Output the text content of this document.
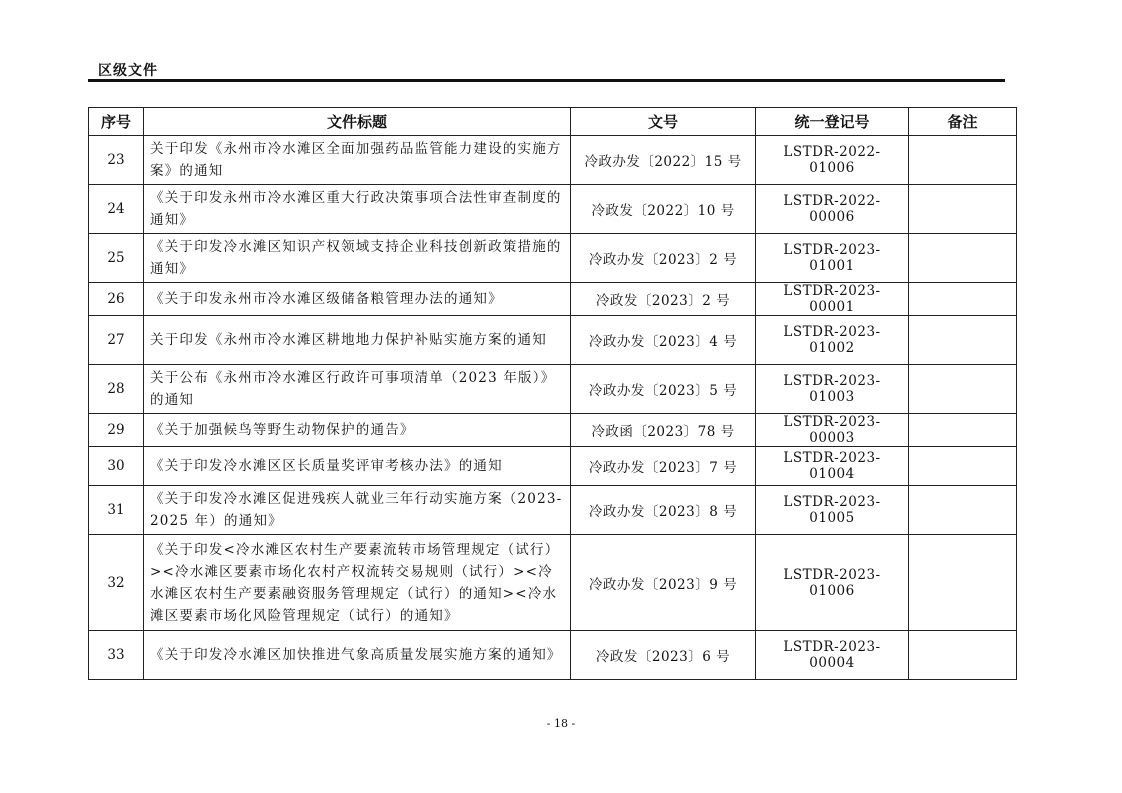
区级文件
序号	文件标题	文号	统一登记号	备注
23	关于印发《永州市冷水滩区全面加强药品监管能力建设的实施方案》的通知	冷政办发〔2022〕15 号	LSTDR-2022-01006	
24	《关于印发永州市冷水滩区重大行政决策事项合法性审查制度的通知》	冷政发〔2022〕10 号	LSTDR-2022-00006	
25	《关于印发冷水滩区知识产权领域支持企业科技创新政策措施的通知》	冷政办发〔2023〕2 号	LSTDR-2023-01001	
26	《关于印发永州市冷水滩区级储备粮管理办法的通知》	冷政发〔2023〕2 号	LSTDR-2023-00001	
27	关于印发《永州市冷水滩区耕地地力保护补贴实施方案的通知	冷政办发〔2023〕4 号	LSTDR-2023-01002	
28	关于公布《永州市冷水滩区行政许可事项清单（2023 年版）》的通知	冷政办发〔2023〕5 号	LSTDR-2023-01003	
29	《关于加强候鸟等野生动物保护的通告》	冷政函〔2023〕78 号	LSTDR-2023-00003	
30	《关于印发冷水滩区区长质量奖评审考核办法》的通知	冷政办发〔2023〕7 号	LSTDR-2023-01004	
31	《关于印发冷水滩区促进残疾人就业三年行动实施方案（2023-2025 年）的通知》	冷政办发〔2023〕8 号	LSTDR-2023-01005	
32	《关于印发<冷水滩区农村生产要素流转市场管理规定（试行）><冷水滩区要素市场化农村产权流转交易规则（试行）><冷水滩区农村生产要素融资服务管理规定（试行）的通知><冷水滩区要素市场化风险管理规定（试行）的通知》	冷政办发〔2023〕9 号	LSTDR-2023-01006	
33	《关于印发冷水滩区加快推进气象高质量发展实施方案的通知》	冷政发〔2023〕6 号	LSTDR-2023-00004	
- 18 -
